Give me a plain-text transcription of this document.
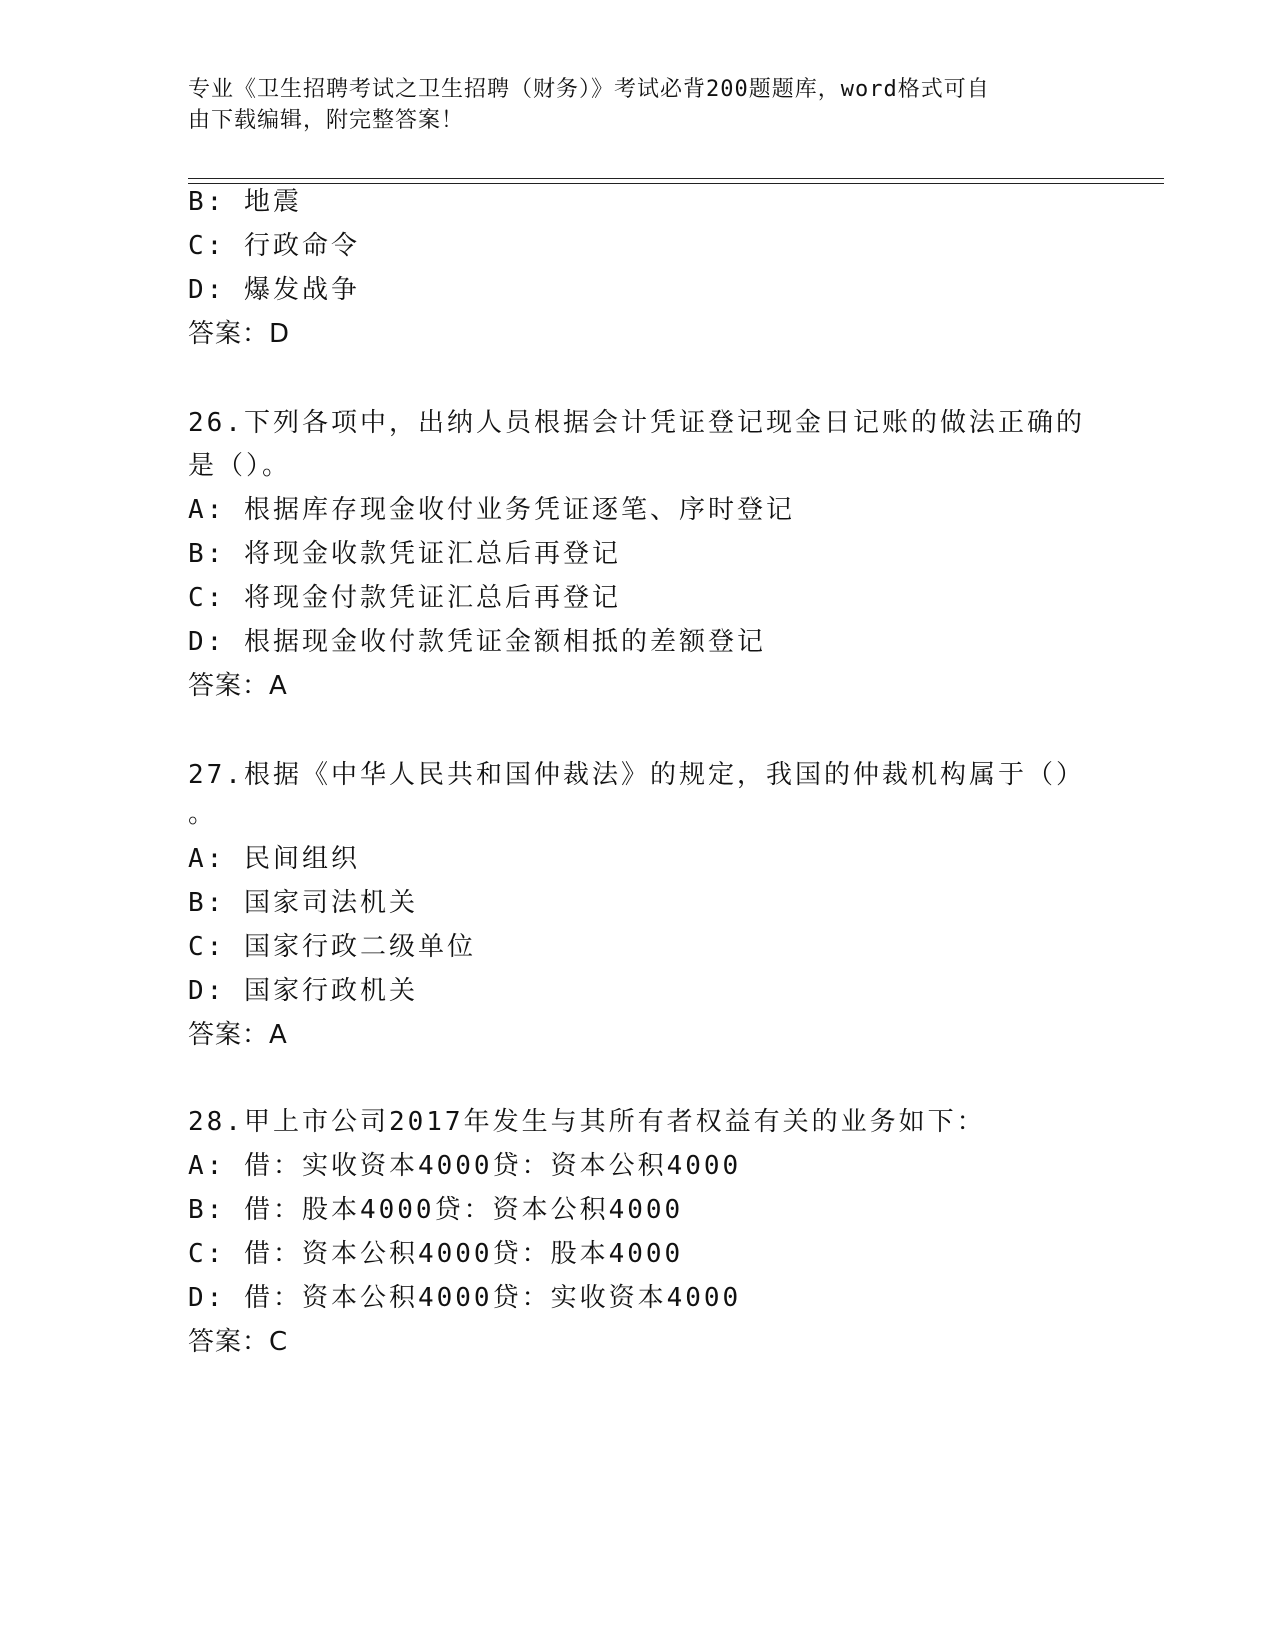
专业《卫生招聘考试之卫生招聘（财务）》考试必背200题题库，word格式可自
由下载编辑，附完整答案！
B: 地震
C: 行政命令
D: 爆发战争
答案：D
26.下列各项中，出纳人员根据会计凭证登记现金日记账的做法正确的
是（）。
A: 根据库存现金收付业务凭证逐笔、序时登记
B: 将现金收款凭证汇总后再登记
C: 将现金付款凭证汇总后再登记
D: 根据现金收付款凭证金额相抵的差额登记
答案：A
27.根据《中华人民共和国仲裁法》的规定，我国的仲裁机构属于（）
。
A: 民间组织
B: 国家司法机关
C: 国家行政二级单位
D: 国家行政机关
答案：A
28.甲上市公司2017年发生与其所有者权益有关的业务如下：
A: 借：实收资本4000贷：资本公积4000
B: 借：股本4000贷：资本公积4000
C: 借：资本公积4000贷：股本4000
D: 借：资本公积4000贷：实收资本4000
答案：C
